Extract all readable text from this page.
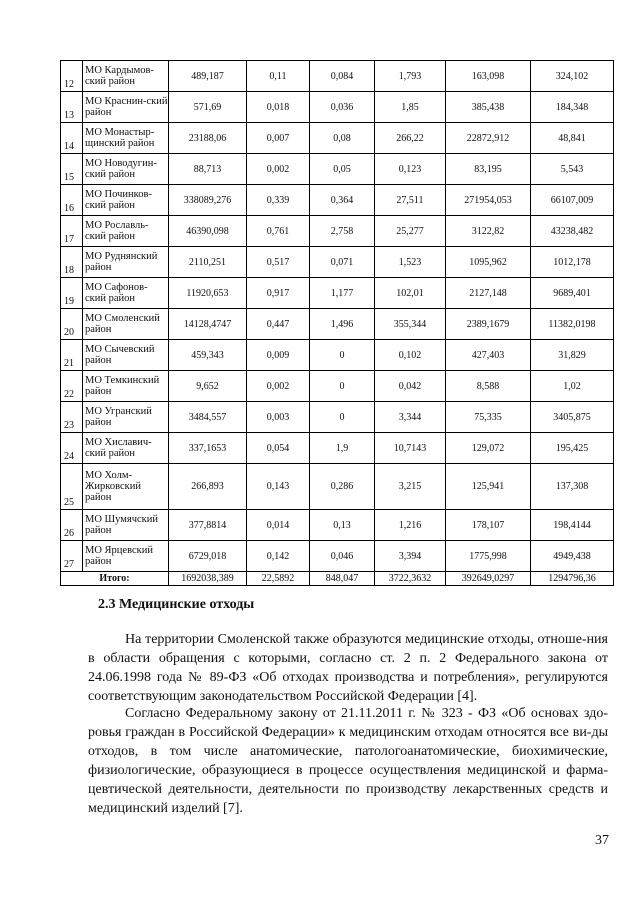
12	МО Кардымов-ский район	489,187	0,11	0,084	1,793	163,098	324,102
13	МО Краснин-ский район	571,69	0,018	0,036	1,85	385,438	184,348
14	МО Монастыр-щинский район	23188,06	0,007	0,08	266,22	22872,912	48,841
15	МО Новодугин-ский район	88,713	0,002	0,05	0,123	83,195	5,543
16	МО Починков-ский район	338089,276	0,339	0,364	27,511	271954,053	66107,009
17	МО Рославль-ский район	46390,098	0,761	2,758	25,277	3122,82	43238,482
18	МО Руднянский район	2110,251	0,517	0,071	1,523	1095,962	1012,178
19	МО Сафонов-ский район	11920,653	0,917	1,177	102,01	2127,148	9689,401
20	МО Смоленский район	14128,4747	0,447	1,496	355,344	2389,1679	11382,0198
21	МО Сычевский район	459,343	0,009	0	0,102	427,403	31,829
22	МО Темкинский район	9,652	0,002	0	0,042	8,588	1,02
23	МО Угранский район	3484,557	0,003	0	3,344	75,335	3405,875
24	МО Хиславич-ский район	337,1653	0,054	1,9	10,7143	129,072	195,425
25	МО Холм-Жирковский район	266,893	0,143	0,286	3,215	125,941	137,308
26	МО Шумячский район	377,8814	0,014	0,13	1,216	178,107	198,4144
27	МО Ярцевский район	6729,018	0,142	0,046	3,394	1775,998	4949,438
Итого:		1692038,389	22,5892	848,047	3722,3632	392649,0297	1294796,36
2.3 Медицинские отходы

На территории Смоленской также образуются медицинские отходы, отноше-ния в области обращения с которыми, согласно ст. 2 п. 2 Федерального закона от 24.06.1998 года № 89-ФЗ «Об отходах производства и потребления», регулируются соответствующим законодательством Российской Федерации [4].

Согласно Федеральному закону от 21.11.2011 г. № 323 - ФЗ «Об основах здо-ровья граждан в Российской Федерации» к медицинским отходам относятся все ви-ды отходов, в том числе анатомические, патологоанатомические, биохимические, физиологические, образующиеся в процессе осуществления медицинской и фарма-цевтической деятельности, деятельности по производству лекарственных средств и медицинский изделий [7].

37
